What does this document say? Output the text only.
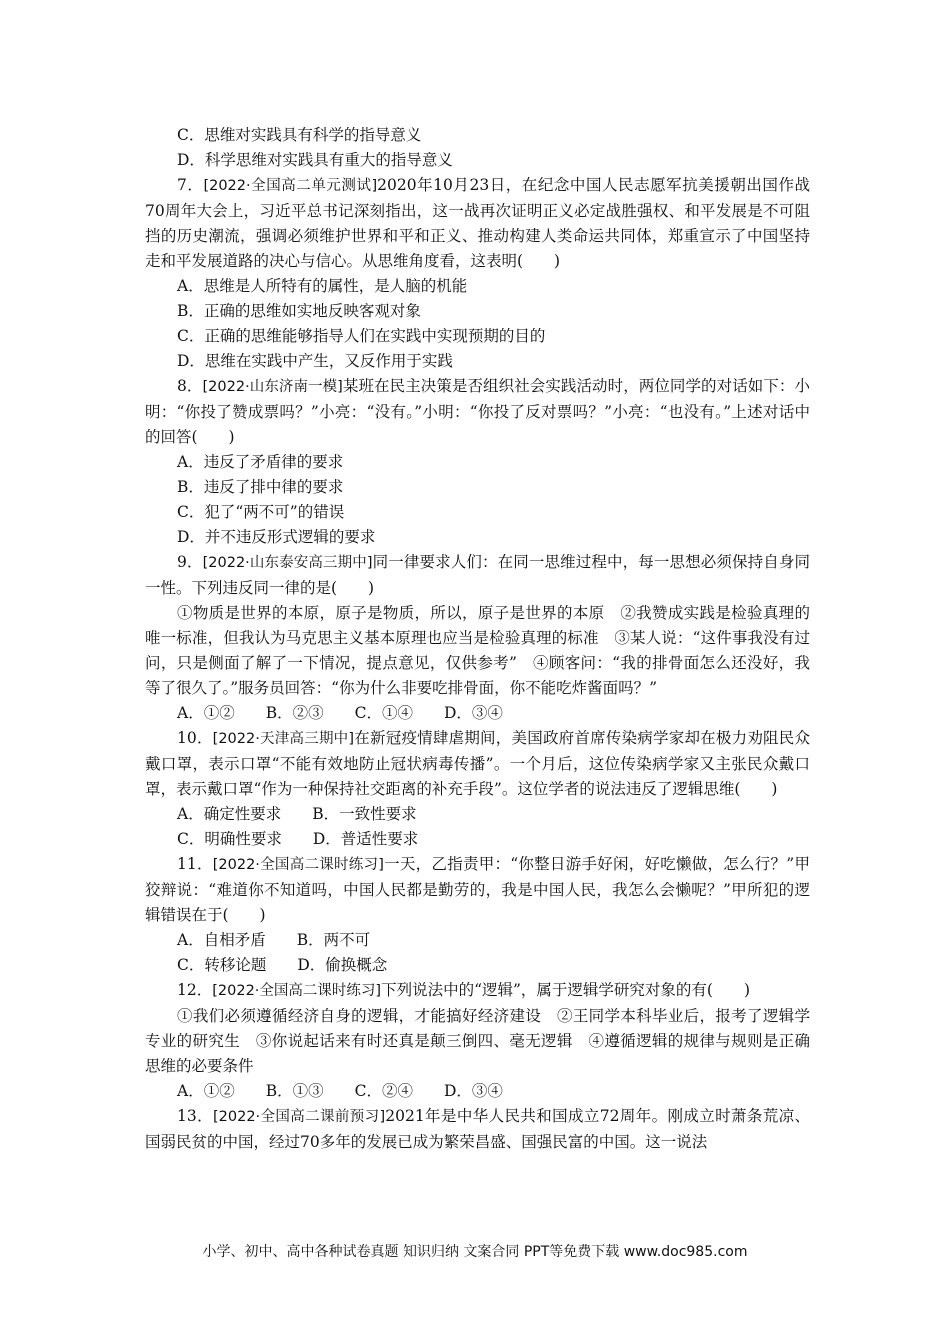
C．思维对实践具有科学的指导意义
D．科学思维对实践具有重大的指导意义

7．[2022·全国高二单元测试]2020年10月23日，在纪念中国人民志愿军抗美援朝出国作战70周年大会上，习近平总书记深刻指出，这一战再次证明正义必定战胜强权、和平发展是不可阻挡的历史潮流，强调必须维护世界和平和正义、推动构建人类命运共同体，郑重宣示了中国坚持走和平发展道路的决心与信心。从思维角度看，这表明(　　)

A．思维是人所特有的属性，是人脑的机能
B．正确的思维如实地反映客观对象
C．正确的思维能够指导人们在实践中实现预期的目的
D．思维在实践中产生，又反作用于实践

8．[2022·山东济南一模]某班在民主决策是否组织社会实践活动时，两位同学的对话如下：小明：“你投了赞成票吗？”小亮：“没有。”小明：“你投了反对票吗？”小亮：“也没有。”上述对话中的回答(　　)

A．违反了矛盾律的要求
B．违反了排中律的要求
C．犯了“两不可”的错误
D．并不违反形式逻辑的要求

9．[2022·山东泰安高三期中]同一律要求人们：在同一思维过程中，每一思想必须保持自身同一性。下列违反同一律的是(　　)

①物质是世界的本原，原子是物质，所以，原子是世界的本原　②我赞成实践是检验真理的唯一标准，但我认为马克思主义基本原理也应当是检验真理的标准　③某人说：“这件事我没有过问，只是侧面了解了一下情况，提点意见，仅供参考”　④顾客问：“我的排骨面怎么还没好，我等了很久了。”服务员回答：“你为什么非要吃排骨面，你不能吃炸酱面吗？”

A．①②　　B．②③　　C．①④　　D．③④

10．[2022·天津高三期中]在新冠疫情肆虐期间，美国政府首席传染病学家却在极力劝阻民众戴口罩，表示口罩“不能有效地防止冠状病毒传播”。一个月后，这位传染病学家又主张民众戴口罩，表示戴口罩“作为一种保持社交距离的补充手段”。这位学者的说法违反了逻辑思维(　　)

A．确定性要求　　B．一致性要求
C．明确性要求　　D．普适性要求

11．[2022·全国高二课时练习]一天，乙指责甲：“你整日游手好闲，好吃懒做，怎么行？”甲狡辩说：“难道你不知道吗，中国人民都是勤劳的，我是中国人民，我怎么会懒呢？”甲所犯的逻辑错误在于(　　)

A．自相矛盾　　B．两不可
C．转移论题　　D．偷换概念

12．[2022·全国高二课时练习]下列说法中的“逻辑”，属于逻辑学研究对象的有(　　)

①我们必须遵循经济自身的逻辑，才能搞好经济建设　②王同学本科毕业后，报考了逻辑学专业的研究生　③你说起话来有时还真是颠三倒四、毫无逻辑　④遵循逻辑的规律与规则是正确思维的必要条件

A．①②　　B．①③　　C．②④　　D．③④

13．[2022·全国高二课前预习]2021年是中华人民共和国成立72周年。刚成立时萧条荒凉、国弱民贫的中国，经过70多年的发展已成为繁荣昌盛、国强民富的中国。这一说法

小学、初中、高中各种试卷真题 知识归纳 文案合同 PPT等免费下载 www.doc985.com
